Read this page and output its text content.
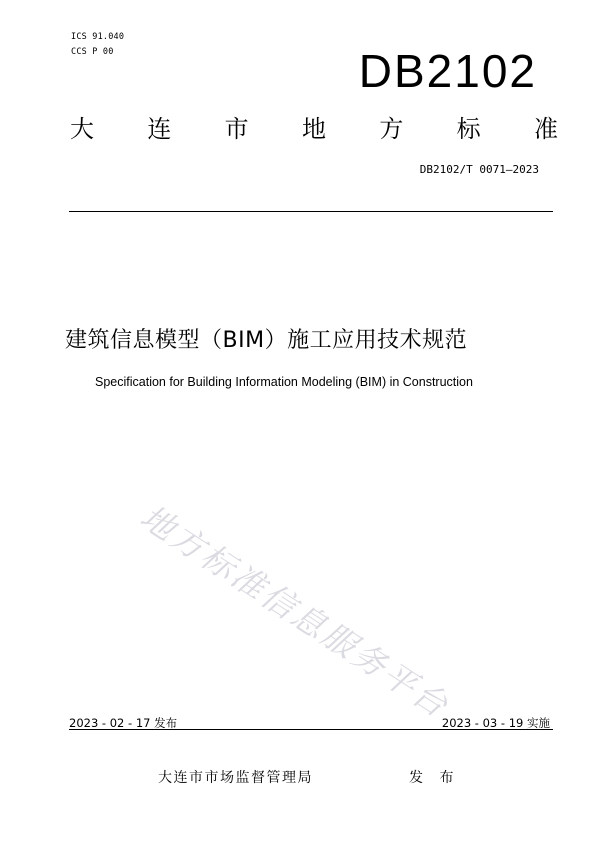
ICS 91.040
CCS P 00	DB2102
大 连 市 地 方 标 准
DB2102/T 0071—2023
建筑信息模型（BIM）施工应用技术规范
Specification for Building Information Modeling (BIM) in Construction
地方标准信息服务平台
2023 - 02 - 17 发布	2023 - 03 - 19 实施
大连市市场监督管理局	发 布
